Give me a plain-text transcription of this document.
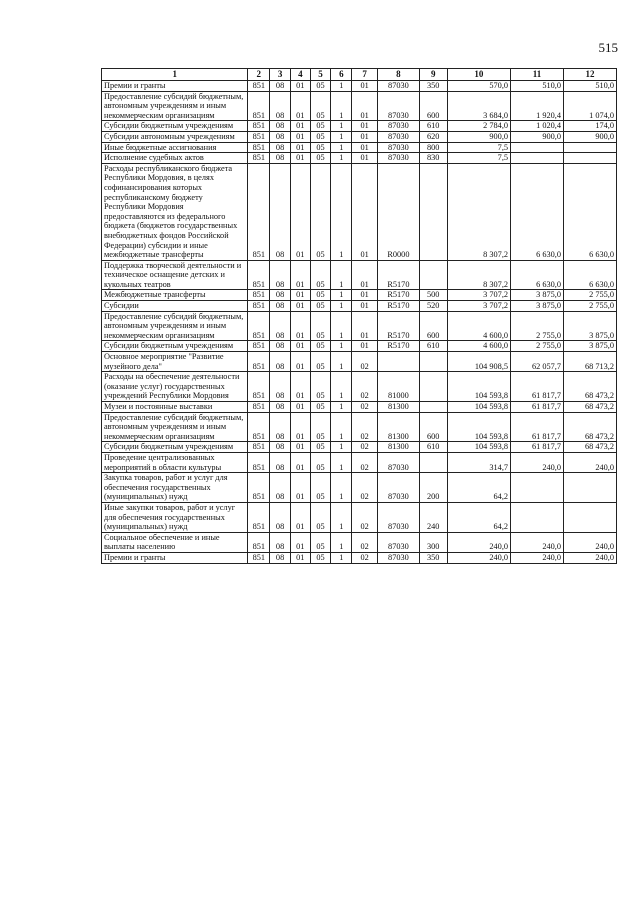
515
1	2	3	4	5	6	7	8	9	10	11	12
Премии и гранты	851	08	01	05	1	01	87030	350	570,0	510,0	510,0
Предоставление субсидий бюджетным, автономным учреждениям и иным некоммерческим организациям	851	08	01	05	1	01	87030	600	3 684,0	1 920,4	1 074,0
Субсидии бюджетным учреждениям	851	08	01	05	1	01	87030	610	2 784,0	1 020,4	174,0
Субсидии автономным учреждениям	851	08	01	05	1	01	87030	620	900,0	900,0	900,0
Иные бюджетные ассигнования	851	08	01	05	1	01	87030	800	7,5		
Исполнение судебных актов	851	08	01	05	1	01	87030	830	7,5		
Расходы республиканского бюджета Республики Мордовия, в целях софинансирования которых республиканскому бюджету Республики Мордовия предоставляются из федерального бюджета (бюджетов государственных внебюджетных фондов Российской Федерации) субсидии и иные межбюджетные трансферты	851	08	01	05	1	01	R0000		8 307,2	6 630,0	6 630,0
Поддержка творческой деятельности и техническое оснащение детских и кукольных театров	851	08	01	05	1	01	R5170		8 307,2	6 630,0	6 630,0
Межбюджетные трансферты	851	08	01	05	1	01	R5170	500	3 707,2	3 875,0	2 755,0
Субсидии	851	08	01	05	1	01	R5170	520	3 707,2	3 875,0	2 755,0
Предоставление субсидий бюджетным, автономным учреждениям и иным некоммерческим организациям	851	08	01	05	1	01	R5170	600	4 600,0	2 755,0	3 875,0
Субсидии бюджетным учреждениям	851	08	01	05	1	01	R5170	610	4 600,0	2 755,0	3 875,0
Основное мероприятие "Развитие музейного дела"	851	08	01	05	1	02			104 908,5	62 057,7	68 713,2
Расходы на обеспечение деятельности (оказание услуг) государственных учреждений Республики Мордовия	851	08	01	05	1	02	81000		104 593,8	61 817,7	68 473,2
Музеи и постоянные выставки	851	08	01	05	1	02	81300		104 593,8	61 817,7	68 473,2
Предоставление субсидий бюджетным, автономным учреждениям и иным некоммерческим организациям	851	08	01	05	1	02	81300	600	104 593,8	61 817,7	68 473,2
Субсидии бюджетным учреждениям	851	08	01	05	1	02	81300	610	104 593,8	61 817,7	68 473,2
Проведение централизованных мероприятий в области культуры	851	08	01	05	1	02	87030		314,7	240,0	240,0
Закупка товаров, работ и услуг для обеспечения государственных (муниципальных) нужд	851	08	01	05	1	02	87030	200	64,2		
Иные закупки товаров, работ и услуг для обеспечения государственных (муниципальных) нужд	851	08	01	05	1	02	87030	240	64,2		
Социальное обеспечение и иные выплаты населению	851	08	01	05	1	02	87030	300	240,0	240,0	240,0
Премии и гранты	851	08	01	05	1	02	87030	350	240,0	240,0	240,0
